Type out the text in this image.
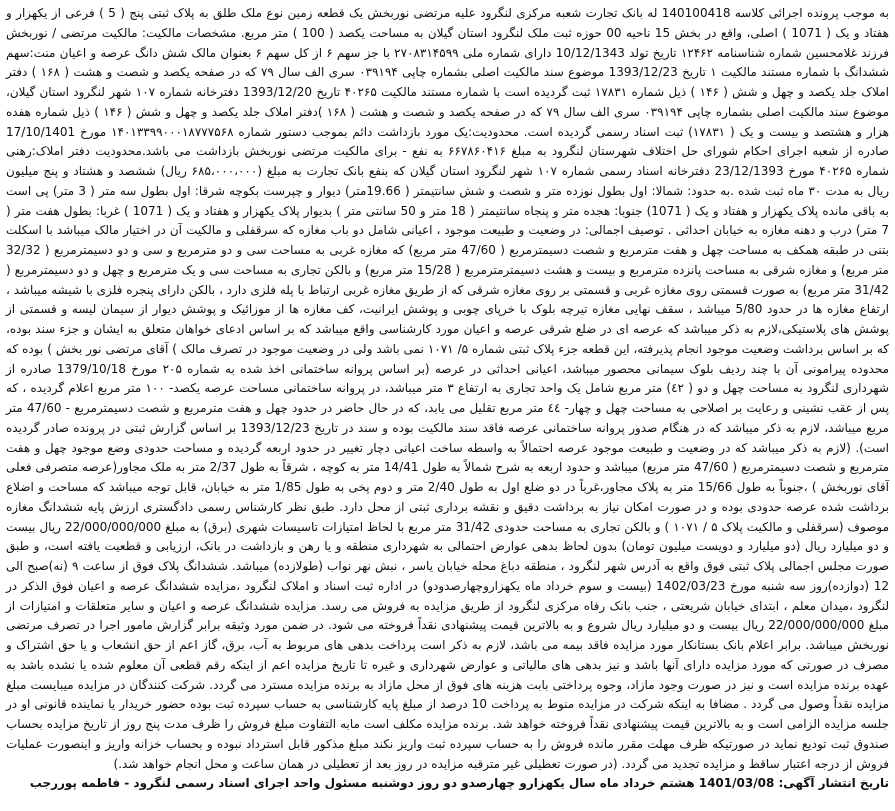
به موجب پرونده اجرائی کلاسه 140100418 له بانک تجارت شعبه مرکزی لنگرود علیه مرتضی نوربخش یک قطعه زمین نوع ملک طلق به پلاک ثبتی پنج ( 5 ) فرعی از یکهزار و هفتاد و یک ( 1071 ) اصلی، واقع در بخش 15 ناحیه 00 حوزه ثبت ملک لنگرود استان گیلان به مساحت یکصد ( 100 ) متر مربع. مشخصات مالکیت: مالکیت مرتضی / نوربخش فرزند غلامحسین شماره شناسنامه ۱۲۴۶۲ تاریخ تولد 10/12/1343 دارای شماره ملی ۲۷۰۸۳۱۴۵۹۹ با جز سهم ۶ از کل سهم ۶ بعنوان مالک شش دانگ عرصه و اعیان منت:سهم ششدانگ با شماره مستند مالکیت ۱ تاریخ 1393/12/23 موضوع سند مالکیت اصلی بشماره چاپی ۰۳۹۱۹۴ سری الف سال ۷۹ که در صفحه یکصد و شصت و هشت ( ۱۶۸ ) دفتر املاک جلد یکصد و چهل و شش ( ۱۴۶ ) ذیل شماره ۱۷۸۳۱ ثبت گردیده است با شماره مستند مالکیت ۴۰۲۶۵ تاریخ 1393/12/20 دفترخانه شماره ۱۰۷ شهر لنگرود استان گیلان، موضوع سند مالکیت اصلی بشماره چاپی ۰۳۹۱۹۴ سری الف سال ۷۹ که در صفحه یکصد و شصت و هشت ( ۱۶۸ )دفتر املاک جلد یکصد و چهل و شش ( ۱۴۶ ) ذیل شماره هفده هزار و هشتصد و بیست و یک ( ۱۷۸۳۱) ثبت اسناد رسمی گردیده است. محدودیت:یک مورد بازداشت دائم بموجب دستور شماره ۱۴۰۱۳۳۹۹۰۰۰۱۸۷۷۷۵۶۸ مورخ 17/10/1401 صادره از شعبه اجرای احکام شورای حل اختلاف شهرستان لنگرود به مبلغ ۶۶۷۸۶۰۴۱۶ به نفع - برای مالکیت مرتضی نوربخش بازداشت می باشد.محدودیت دفتر املاک:رهنی شماره ۴۰۲۶۵ مورخ 23/12/1393 دفترخانه اسناد رسمی شماره ۱۰۷ شهر لنگرود استان گیلان که بنفع بانک تجارت به مبلغ (۶۸۵،۰۰۰،۰۰۰ ریال) ششصد و هشتاد و پنج میلیون ریال به مدت ۳۰ ماه ثبت شده .به حدود: شمالا: اول بطول نوزده متر و شصت و شش سانتیمتر ( 19.66متر) دیوار و چپرست بکوچه شرقا: اول بطول سه متر ( 3 متر) پی است به باقی مانده پلاک یکهزار و هفتاد و یک ( 1071) جنوبا: هجده متر و پنجاه سانتیمتر ( 18 متر و 50 سانتی متر ) بدیوار پلاک یکهزار و هفتاد و یک ( 1071 ) غربا: بطول هفت متر ( 7 متر) درب و دهنه مغازه به خیابان احداثی . توصیف اجمالی: در وضعیت و طبیعت موجود ، اعیانی شامل دو باب مغازه که سرقفلی و مالکیت آن در اختیار مالک میباشد با اسکلت بتنی در طبقه همکف به مساحت چهل و هفت مترمربع و شصت دسیمترمربع ( 47/60 متر مربع) که مغازه غربی به مساحت سی و دو مترمربع و سی و دو دسیمترمربع ( 32/32 متر مربع) و مغازه شرقی به مساحت پانزده مترمربع و بیست و هشت دسیمترمترمربع ( 15/28 متر مربع) و بالکن تجاری به مساحت سی و یک مترمربع و چهل و دو دسیمترمربع ( 31/42 متر مربع) به صورت قسمتی روی مغازه غربی و قسمتی بر روی مغازه شرقی که از طریق مغازه غربی ارتباط با پله فلزی دارد ، بالکن دارای پنجره فلزی با شیشه میباشد ، ارتفاع مغازه ها در حدود 5/80 میباشد ، سقف نهایی مغازه تیرچه بلوک با خرپای چوبی و پوشش ایرانیت، کف مغازه ها از موزائیک و پوشش دیوار از سیمان لیسه و قسمتی از پوشش های پلاستیکی،لازم به ذکر میباشد که عرصه ای در ضلع شرقی عرصه و اعیان مورد کارشناسی واقع میباشد که بر اساس ادعای خواهان متعلق به ایشان و جزء سند بوده، که بر اساس برداشت وضعیت موجود انجام پذیرفته، این قطعه جزء پلاک ثبتی شماره ۵/ ۱۰۷۱ نمی باشد ولی در وضعیت موجود در تصرف مالک ) آقای مرتضی نور بخش ) بوده که محدوده پیرامونی آن با چند ردیف بلوک سیمانی محصور میباشد، اعیانی احداثی در عرصه (بر اساس پروانه ساختمانی اخذ شده به شماره ۲۰۵ مورخ 1379/10/18 صادره از شهرداری لنگرود به مساحت چهل و دو ( ٤٢) متر مربع شامل یک واحد تجاری به ارتفاع ۳ متر میباشد، در پروانه ساختمانی مساحت عرصه یکصد- ۱۰۰ متر مربع اعلام گردیده ، که پس از عقب نشینی و رعایت بر اصلاحی به مساحت چهل و چهار- ٤٤ متر مربع تقلیل می یابد، که در حال حاضر در حدود چهل و هفت مترمربع و شصت دسیمترمربع - 47/60 متر مربع میباشد، لازم به ذکر میباشد که در هنگام صدور پروانه ساختمانی عرصه فاقد سند مالکیت بوده و سند در تاریخ 1393/12/23 بر اساس گزارش ثبتی در پرونده صادر گردیده است). (لازم به ذکر میباشد که در وضعیت و طبیعت موجود عرصه احتمالاً به واسطه ساخت اعیانی دچار تغییر در حدود اربعه گردیده و مساحت حدودی وضع موجود چهل و هفت مترمربع و شصت دسیمترمربع ( 47/60 متر مربع) میباشد و حدود اربعه به شرح شمالاً به طول 14/41 متر به کوچه ، شرقاً به طول 2/37 متر به ملک مجاور(عرصه متصرفی فعلی آقای نوربخش ) ،جنوباً به طول 15/66 متر به پلاک مجاور،غرباً در دو ضلع اول به طول 2/40 متر و دوم پخی به طول 1/85 متر به خیابان، قابل توجه میباشد که مساحت و اضلاع برداشت شده عرصه حدودی بوده و در صورت امکان نیاز به برداشت دقیق و نقشه برداری ثبتی از محل دارد. طبق نظر کارشناس رسمی دادگستری ارزش پایه ششدانگ مغازه موصوف (سرقفلی و مالکیت پلاک ۵ / ۱۰۷۱ ) و بالکن تجاری به مساحت حدودی 31/42 متر مربع با لحاظ امتیازات تاسیسات شهری (برق) به مبلغ 22/000/000/000 ریال بیست و دو میلیارد ریال (دو میلیارد و دویست میلیون تومان) بدون لحاظ بدهی عوارض احتمالی به شهرداری منطقه و یا رهن و بازداشت در بانک، ارزیابی و قطعیت یافته است، و طبق صورت مجلس اجمالی پلاک ثبتی فوق واقع به آدرس شهر لنگرود ، منطقه دباغ محله خیابان یاسر ، نبش نهر نواب (طولازده) میباشد. ششدانگ پلاک فوق از ساعت ۹ (نه)صبح الی 12 (دوازده)روز سه شنبه مورخ 1402/03/23 (بیست و سوم خرداد ماه یکهزاروچهارصدودو) در اداره ثبت اسناد و املاک لنگرود ،مزایده ششدانگ عرصه و اعیان فوق الذکر در لنگرود ،میدان معلم ، ابتدای خیابان شریعتی ، جنب بانک رفاه مرکزی لنگرود از طریق مزایده به فروش می رسد. مزایده ششدانگ عرصه و اعیان و سایر متعلقات و امتیازات از مبلغ 22/000/000/000 ریال بیست و دو میلیارد ریال شروع و به بالاترین قیمت پیشنهادی نقداً فروخته می شود. در ضمن مورد وثیقه برابر گزارش مامور اجرا در تصرف مرتضی نوربخش میباشد. برابر اعلام بانک بستانکار مورد مزایده فاقد بیمه می باشد، لازم به ذکر است پرداخت بدهی های مربوط به آب، برق، گاز اعم از حق انشعاب و یا حق اشتراک و مصرف در صورتی که مورد مزایده دارای آنها باشد و نیز بدهی های مالیاتی و عوارض شهرداری و غیره تا تاریخ مزایده اعم از اینکه رقم قطعی آن معلوم شده یا نشده باشد به عهده برنده مزایده است و نیز در صورت وجود مازاد، وجوه پرداختی بابت هزینه های فوق از محل مازاد به برنده مزایده مسترد می گردد. شرکت کنندگان در مزایده میبایست مبلغ مزایده نقداً وصول می گردد . مضافا به اینکه شرکت در مزایده منوط به پرداخت 10 درصد از مبلغ پایه کارشناسی به حساب سپرده ثبت بوده حضور خریدار یا نماینده قانونی او در جلسه مزایده الزامی است و به بالاترین قیمت پیشنهادی نقداً فروخته خواهد شد. برنده مزایده مکلف است مابه التفاوت مبلغ فروش را ظرف مدت پنج روز از تاریخ مزایده بحساب صندوق ثبت تودیع نماید در صورتیکه ظرف مهلت مقرر مانده فروش را به حساب سپرده ثبت واریز نکند مبلغ مذکور قابل استرداد نبوده و بحساب خزانه واریز و اینصورت عملیات فروش از درجه اعتبار ساقط و مزایده تجدید می گردد. (در صورت تعطیلی غیر مترقبه مزایده در روز بعد از تعطیلی در همان ساعت و محل انجام خواهد شد.)

تاریخ انتشار آگهی: 1401/03/08 هشتم خرداد ماه سال یکهزارو چهارصدو دو روز دوشنبه مسئول واحد اجرای اسناد رسمی لنگرود - فاطمه پوررجب
